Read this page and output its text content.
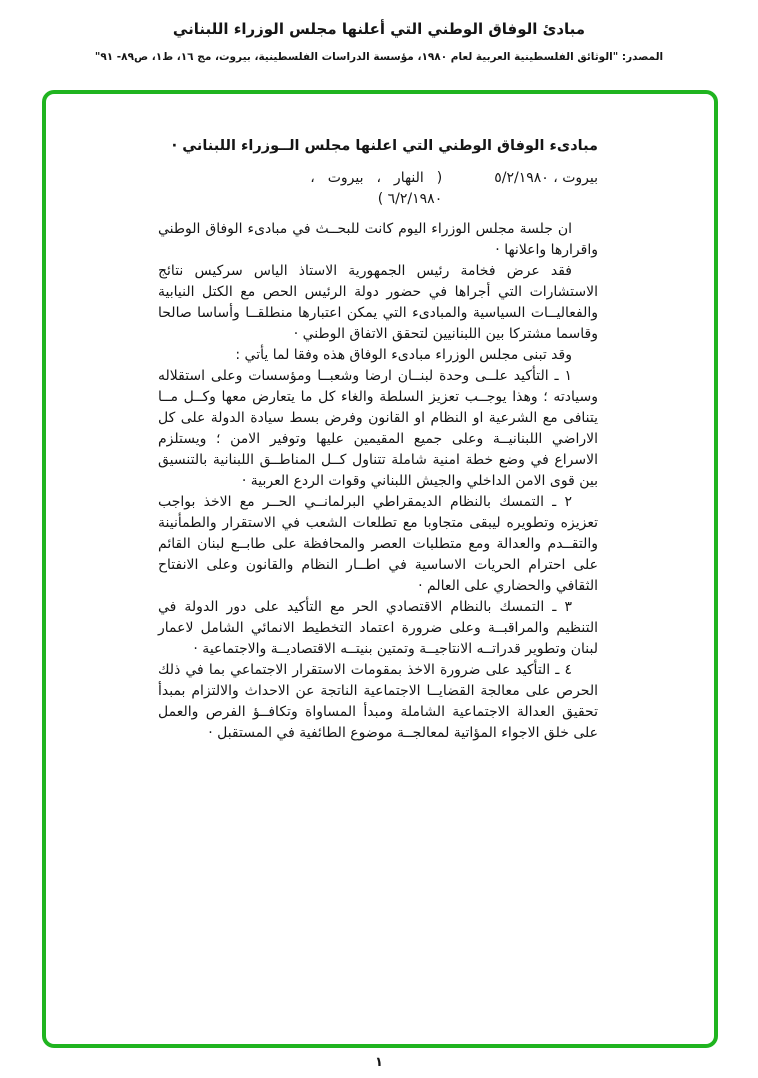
مبادئ الوفاق الوطني التي أعلنها مجلس الوزراء اللبناني
المصدر: "الوثائق الفلسطينية العربية لعام ١٩٨٠، مؤسسة الدراسات الفلسطينية، بيروت، مج ١٦، ط١، ص٨٩- ٩١"
مبادىء الوفاق الوطني التي اعلنها مجلس الــوزراء اللبناني ·
بيروت ، ٥/٢/١٩٨٠
( النهار ، بيروت ، ٦/٢/١٩٨٠ )

ان جلسة مجلس الوزراء اليوم كانت للبحــث في مبادىء الوفاق الوطني واقرارها واعلانها ·

فقد عرض فخامة رئيس الجمهورية الاستاذ الياس سركيس نتائج الاستشارات التي أجراها في حضور دولة الرئيس الحص مع الكتل النيابية والفعاليــات السياسية والمبادىء التي يمكن اعتبارها منطلقــا وأساسا صالحا وقاسما مشتركا بين اللبنانيين لتحقق الاتفاق الوطني ·

وقد تبنى مجلس الوزراء مبادىء الوفاق هذه وفقا لما يأتي :

١ ـ التأكيد علــى وحدة لبنــان ارضا وشعبــا ومؤسسات وعلى استقلاله وسيادته ؛ وهذا يوجــب تعزيز السلطة والغاء كل ما يتعارض معها وكــل مــا يتنافى مع الشرعية او النظام او القانون وفرض بسط سيادة الدولة على كل الاراضي اللبنانيــة وعلى جميع المقيمين عليها وتوفير الامن ؛ ويستلزم الاسراع في وضع خطة امنية شاملة تتناول كــل المناطــق اللبنانية بالتنسيق بين قوى الامن الداخلي والجيش اللبناني وقوات الردع العربية ·

٢ ـ التمسك بالنظام الديمقراطي البرلمانــي الحــر مع الاخذ بواجب تعزيزه وتطويره ليبقى متجاوبا مع تطلعات الشعب في الاستقرار والطمأنينة والتقــدم والعدالة ومع متطلبات العصر والمحافظة على طابــع لبنان القائم على احترام الحريات الاساسية في اطــار النظام والقانون وعلى الانفتاح الثقافي والحضاري على العالم ·

٣ ـ التمسك بالنظام الاقتصادي الحر مع التأكيد على دور الدولة في التنظيم والمراقبــة وعلى ضرورة اعتماد التخطيط الانمائي الشامل لاعمار لبنان وتطوير قدراتــه الانتاجيــة وتمتين بنيتــه الاقتصاديــة والاجتماعية ·

٤ ـ التأكيد على ضرورة الاخذ بمقومات الاستقرار الاجتماعي بما في ذلك الحرص على معالجة القضايــا الاجتماعية الناتجة عن الاحداث والالتزام بمبدأ تحقيق العدالة الاجتماعية الشاملة ومبدأ المساواة وتكافــؤ الفرص والعمل على خلق الاجواء المؤاتية لمعالجــة موضوع الطائفية في المستقبل ·

١
